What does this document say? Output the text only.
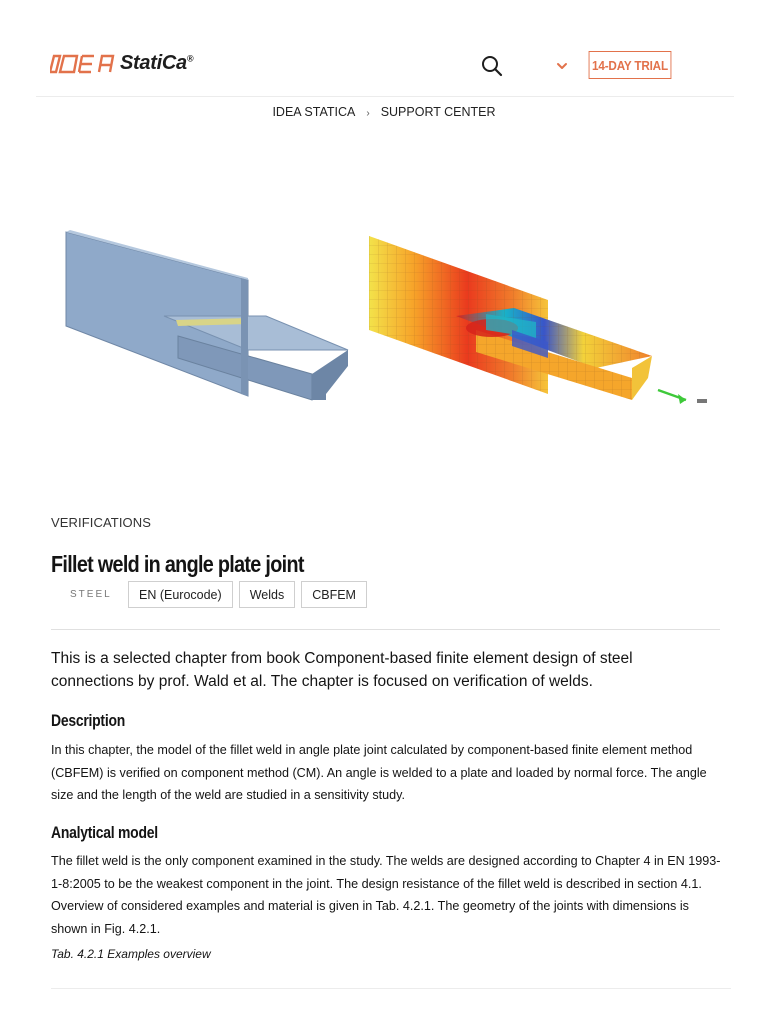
StatiCa®	14-DAY TRIAL
IDEA STATICA › SUPPORT CENTER
VERIFICATIONS
Fillet weld in angle plate joint
STEEL	EN (Eurocode)	Welds	CBFEM

This is a selected chapter from book Component-based finite element design of steel connections by prof. Wald et al. The chapter is focused on verification of welds.

Description

In this chapter, the model of the fillet weld in angle plate joint calculated by component-based finite element method (CBFEM) is verified on component method (CM). An angle is welded to a plate and loaded by normal force. The angle size and the length of the weld are studied in a sensitivity study.

Analytical model

The fillet weld is the only component examined in the study. The welds are designed according to Chapter 4 in EN 1993-1-8:2005 to be the weakest component in the joint. The design resistance of the fillet weld is described in section 4.1. Overview of considered examples and material is given in Tab. 4.2.1. The geometry of the joints with dimensions is shown in Fig. 4.2.1.

Tab. 4.2.1 Examples overview
